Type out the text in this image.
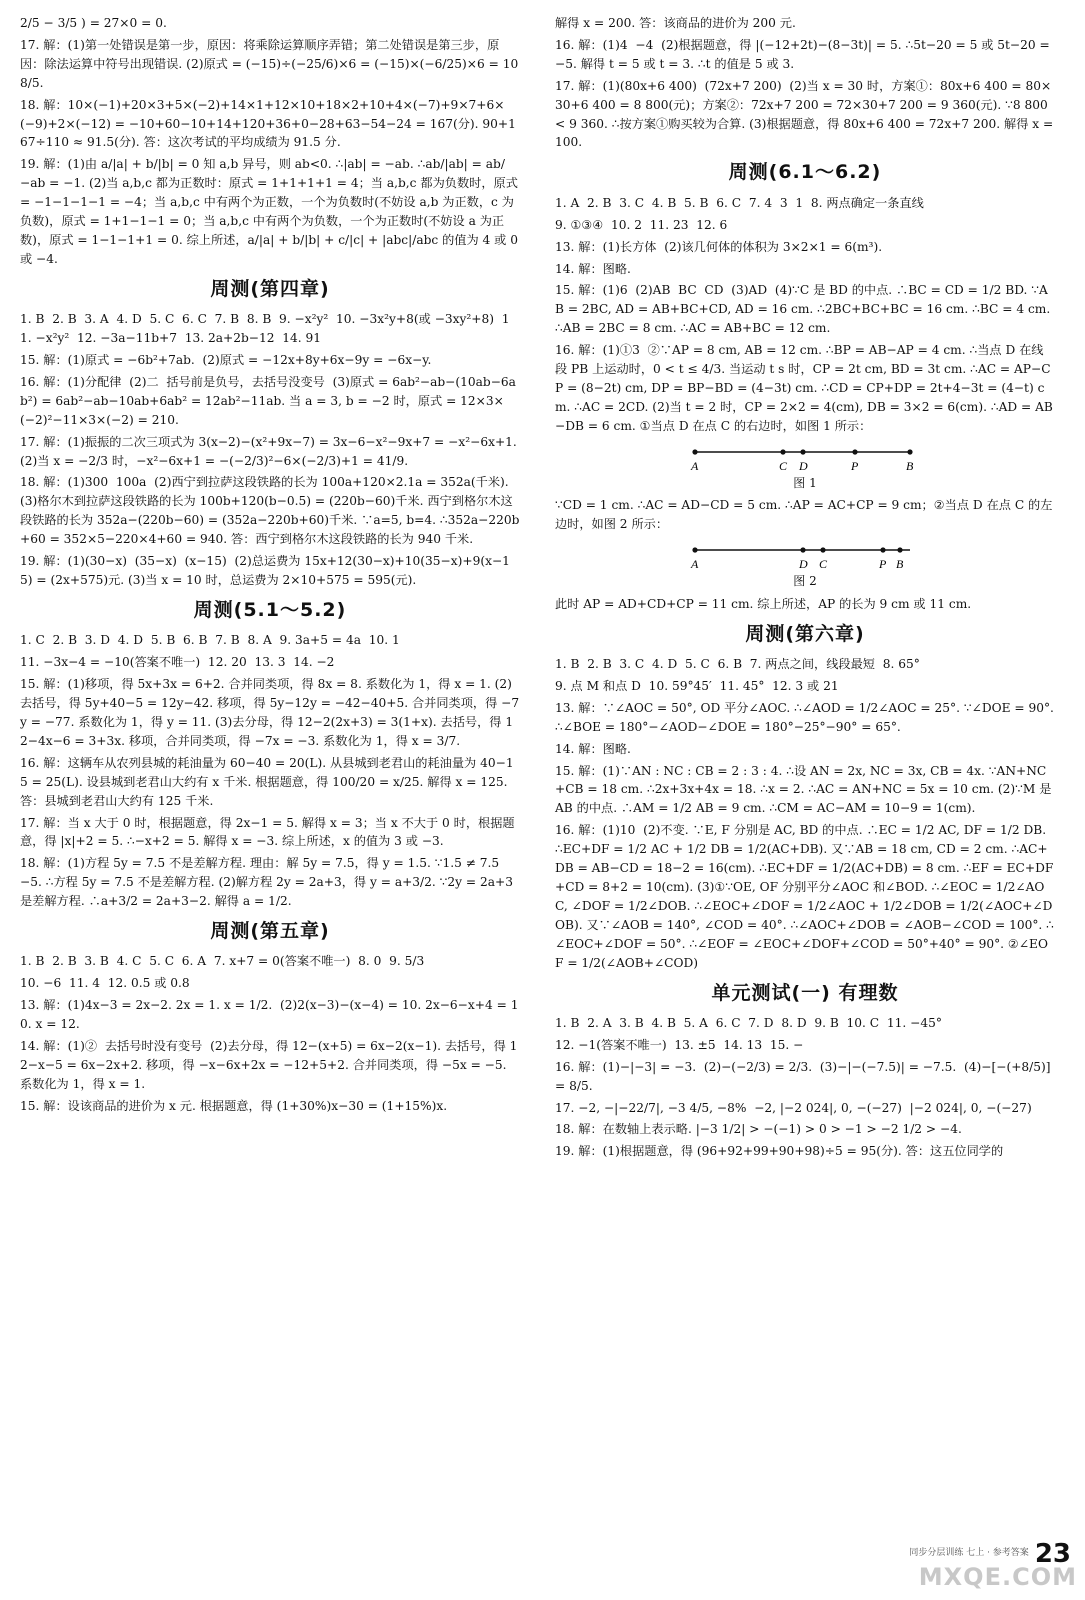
2/5 − 3/5 ) = 27×0 = 0.
17. 解：(1)第一处错误是第一步，原因：将乘除运算顺序弄错；第二处错误是第三步，原因：除法运算中符号出现错误. (2)原式 = (−15)÷(−25/6)×6 = (−15)×(−6/25)×6 = 108/5.
18. 解：10×(−1)+20×3+5×(−2)+14×1+12×10+18×2+10+4×(−7)+9×7+6×(−9)+2×(−12) = −10+60−10+14+120+36+0−28+63−54−24 = 167(分). 90+167÷110 ≈ 91.5(分). 答：这次考试的平均成绩为 91.5 分.
19. 解：(1)由 a/|a| + b/|b| = 0 知 a,b 异号，则 ab<0. ∴|ab| = −ab. ∴ab/|ab| = ab/−ab = −1. (2)当 a,b,c 都为正数时：原式 = 1+1+1+1 = 4；当 a,b,c 都为负数时，原式 = −1−1−1−1 = −4；当 a,b,c 中有两个为正数，一个为负数时(不妨设 a,b 为正数，c 为负数)，原式 = 1+1−1−1 = 0；当 a,b,c 中有两个为负数，一个为正数时(不妨设 a 为正数)，原式 = 1−1−1+1 = 0. 综上所述，a/|a| + b/|b| + c/|c| + |abc|/abc 的值为 4 或 0 或 −4.
周测(第四章)
1. B  2. B  3. A  4. D  5. C  6. C  7. B  8. B  9. −x²y²  10. −3x²y+8(或 −3xy²+8)  11. −x²y²  12. −3a−11b+7  13. 2a+2b−12  14. 91
15. 解：(1)原式 = −6b²+7ab.  (2)原式 = −12x+8y+6x−9y = −6x−y.
16. 解：(1)分配律  (2)二  括号前是负号，去括号没变号  (3)原式 = 6ab²−ab−(10ab−6ab²) = 6ab²−ab−10ab+6ab² = 12ab²−11ab. 当 a = 3, b = −2 时，原式 = 12×3×(−2)²−11×3×(−2) = 210.
17. 解：(1)振振的二次三项式为 3(x−2)−(x²+9x−7) = 3x−6−x²−9x+7 = −x²−6x+1. (2)当 x = −2/3 时，−x²−6x+1 = −(−2/3)²−6×(−2/3)+1 = 41/9.
18. 解：(1)300  100a  (2)西宁到拉萨这段铁路的长为 100a+120×2.1a = 352a(千米). (3)格尔木到拉萨这段铁路的长为 100b+120(b−0.5) = (220b−60)千米. 西宁到格尔木这段铁路的长为 352a−(220b−60) = (352a−220b+60)千米. ∵a=5, b=4. ∴352a−220b+60 = 352×5−220×4+60 = 940. 答：西宁到格尔木这段铁路的长为 940 千米.
19. 解：(1)(30−x)  (35−x)  (x−15)  (2)总运费为 15x+12(30−x)+10(35−x)+9(x−15) = (2x+575)元. (3)当 x = 10 时，总运费为 2×10+575 = 595(元).
周测(5.1～5.2)
1. C  2. B  3. D  4. D  5. B  6. B  7. B  8. A  9. 3a+5 = 4a  10. 1
11. −3x−4 = −10(答案不唯一)  12. 20  13. 3  14. −2
15. 解：(1)移项，得 5x+3x = 6+2. 合并同类项，得 8x = 8. 系数化为 1，得 x = 1. (2)去括号，得 5y+40−5 = 12y−42. 移项，得 5y−12y = −42−40+5. 合并同类项，得 −7y = −77. 系数化为 1，得 y = 11. (3)去分母，得 12−2(2x+3) = 3(1+x). 去括号，得 12−4x−6 = 3+3x. 移项，合并同类项，得 −7x = −3. 系数化为 1，得 x = 3/7.
16. 解：这辆车从农列县城的耗油量为 60−40 = 20(L). 从县城到老君山的耗油量为 40−15 = 25(L). 设县城到老君山大约有 x 千米. 根据题意，得 100/20 = x/25. 解得 x = 125. 答：县城到老君山大约有 125 千米.
17. 解：当 x 大于 0 时，根据题意，得 2x−1 = 5. 解得 x = 3；当 x 不大于 0 时，根据题意，得 |x|+2 = 5. ∴−x+2 = 5. 解得 x = −3. 综上所述，x 的值为 3 或 −3.
18. 解：(1)方程 5y = 7.5 不是差解方程. 理由：解 5y = 7.5，得 y = 1.5. ∵1.5 ≠ 7.5−5. ∴方程 5y = 7.5 不是差解方程. (2)解方程 2y = 2a+3，得 y = a+3/2. ∵2y = 2a+3 是差解方程. ∴a+3/2 = 2a+3−2. 解得 a = 1/2.
周测(第五章)
1. B  2. B  3. B  4. C  5. C  6. A  7. x+7 = 0(答案不唯一)  8. 0  9. 5/3
10. −6  11. 4  12. 0.5 或 0.8
13. 解：(1)4x−3 = 2x−2. 2x = 1. x = 1/2.  (2)2(x−3)−(x−4) = 10. 2x−6−x+4 = 10. x = 12.
14. 解：(1)②  去括号时没有变号  (2)去分母，得 12−(x+5) = 6x−2(x−1). 去括号，得 12−x−5 = 6x−2x+2. 移项，得 −x−6x+2x = −12+5+2. 合并同类项，得 −5x = −5. 系数化为 1，得 x = 1.
15. 解：设该商品的进价为 x 元. 根据题意，得 (1+30%)x−30 = (1+15%)x.
解得 x = 200. 答：该商品的进价为 200 元.
16. 解：(1)4  −4  (2)根据题意，得 |(−12+2t)−(8−3t)| = 5. ∴5t−20 = 5 或 5t−20 = −5. 解得 t = 5 或 t = 3. ∴t 的值是 5 或 3.
17. 解：(1)(80x+6 400)  (72x+7 200)  (2)当 x = 30 时，方案①：80x+6 400 = 80×30+6 400 = 8 800(元)；方案②：72x+7 200 = 72×30+7 200 = 9 360(元). ∵8 800 < 9 360. ∴按方案①购买较为合算. (3)根据题意，得 80x+6 400 = 72x+7 200. 解得 x = 100.
周测(6.1～6.2)
1. A  2. B  3. C  4. B  5. B  6. C  7. 4  3  1  8. 两点确定一条直线
9. ①③④  10. 2  11. 23  12. 6
13. 解：(1)长方体  (2)该几何体的体积为 3×2×1 = 6(m³).
14. 解：图略.
15. 解：(1)6  (2)AB  BC  CD  (3)AD  (4)∵C 是 BD 的中点. ∴BC = CD = 1/2 BD. ∵AB = 2BC, AD = AB+BC+CD, AD = 16 cm. ∴2BC+BC+BC = 16 cm. ∴BC = 4 cm. ∴AB = 2BC = 8 cm. ∴AC = AB+BC = 12 cm.
16. 解：(1)①3  ②∵AP = 8 cm, AB = 12 cm. ∴BP = AB−AP = 4 cm. ∴当点 D 在线段 PB 上运动时，0 < t ≤ 4/3. 当运动 t s 时，CP = 2t cm, BD = 3t cm. ∴AC = AP−CP = (8−2t) cm, DP = BP−BD = (4−3t) cm. ∴CD = CP+DP = 2t+4−3t = (4−t) cm. ∴AC = 2CD. (2)当 t = 2 时，CP = 2×2 = 4(cm), DB = 3×2 = 6(cm). ∴AD = AB−DB = 6 cm. ①当点 D 在点 C 的右边时，如图 1 所示：
A	C D	P	B
图 1
∵CD = 1 cm. ∴AC = AD−CD = 5 cm. ∴AP = AC+CP = 9 cm；②当点 D 在点 C 的左边时，如图 2 所示：
A	D C	P B
图 2
此时 AP = AD+CD+CP = 11 cm. 综上所述，AP 的长为 9 cm 或 11 cm.
周测(第六章)
1. B  2. B  3. C  4. D  5. C  6. B  7. 两点之间，线段最短  8. 65°
9. 点 M 和点 D  10. 59°45′  11. 45°  12. 3 或 21
13. 解：∵∠AOC = 50°, OD 平分∠AOC. ∴∠AOD = 1/2∠AOC = 25°. ∵∠DOE = 90°. ∴∠BOE = 180°−∠AOD−∠DOE = 180°−25°−90° = 65°.
14. 解：图略.
15. 解：(1)∵AN : NC : CB = 2 : 3 : 4. ∴设 AN = 2x, NC = 3x, CB = 4x. ∵AN+NC+CB = 18 cm. ∴2x+3x+4x = 18. ∴x = 2. ∴AC = AN+NC = 5x = 10 cm. (2)∵M 是 AB 的中点. ∴AM = 1/2 AB = 9 cm. ∴CM = AC−AM = 10−9 = 1(cm).
16. 解：(1)10  (2)不变. ∵E, F 分别是 AC, BD 的中点. ∴EC = 1/2 AC, DF = 1/2 DB. ∴EC+DF = 1/2 AC + 1/2 DB = 1/2(AC+DB). 又∵AB = 18 cm, CD = 2 cm. ∴AC+DB = AB−CD = 18−2 = 16(cm). ∴EC+DF = 1/2(AC+DB) = 8 cm. ∴EF = EC+DF+CD = 8+2 = 10(cm). (3)①∵OE, OF 分别平分∠AOC 和∠BOD. ∴∠EOC = 1/2∠AOC, ∠DOF = 1/2∠DOB. ∴∠EOC+∠DOF = 1/2∠AOC + 1/2∠DOB = 1/2(∠AOC+∠DOB). 又∵∠AOB = 140°, ∠COD = 40°. ∴∠AOC+∠DOB = ∠AOB−∠COD = 100°. ∴∠EOC+∠DOF = 50°. ∴∠EOF = ∠EOC+∠DOF+∠COD = 50°+40° = 90°. ②∠EOF = 1/2(∠AOB+∠COD)
单元测试(一) 有理数
1. B  2. A  3. B  4. B  5. A  6. C  7. D  8. D  9. B  10. C  11. −45°
12. −1(答案不唯一)  13. ±5  14. 13  15. −
16. 解：(1)−|−3| = −3.  (2)−(−2/3) = 2/3.  (3)−|−(−7.5)| = −7.5.  (4)−[−(+8/5)] = 8/5.
17. −2, −|−22/7|, −3 4/5, −8%  −2, |−2 024|, 0, −(−27)  |−2 024|, 0, −(−27)
18. 解：在数轴上表示略. |−3 1/2| > −(−1) > 0 > −1 > −2 1/2 > −4.
19. 解：(1)根据题意，得 (96+92+99+90+98)÷5 = 95(分). 答：这五位同学的
同步分层训练 七上 · 参考答案 23
MXQE.COM
